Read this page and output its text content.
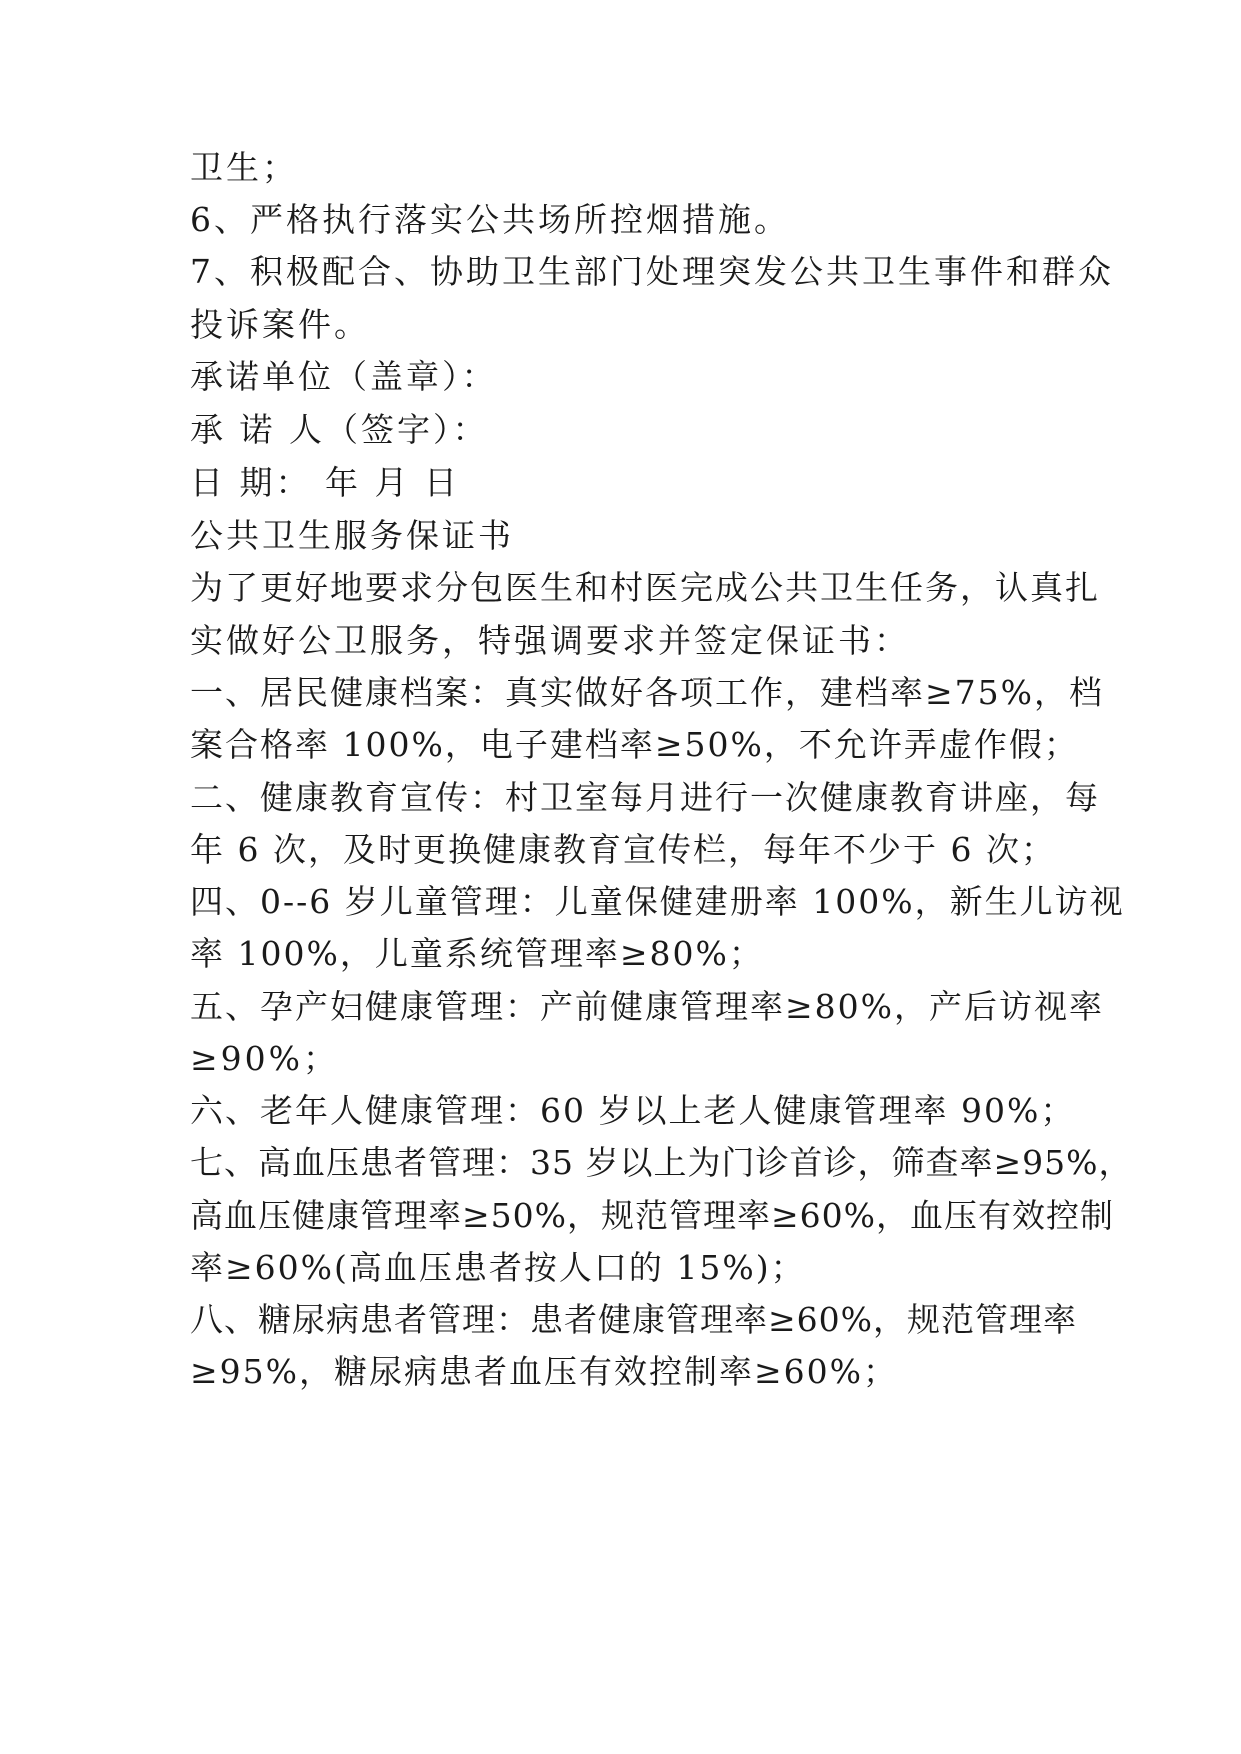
卫生；

6、严格执行落实公共场所控烟措施。

7、积极配合、协助卫生部门处理突发公共卫生事件和群众

投诉案件。

承诺单位（盖章）：

承 诺 人（签字）：

日 期： 年 月 日

公共卫生服务保证书

为了更好地要求分包医生和村医完成公共卫生任务，认真扎

实做好公卫服务，特强调要求并签定保证书：

一、居民健康档案：真实做好各项工作，建档率≥75%，档

案合格率 100%，电子建档率≥50%，不允许弄虚作假；

二、健康教育宣传：村卫室每月进行一次健康教育讲座，每

年 6 次，及时更换健康教育宣传栏，每年不少于 6 次；

四、0--6 岁儿童管理：儿童保健建册率 100%，新生儿访视

率 100%，儿童系统管理率≥80%；

五、孕产妇健康管理：产前健康管理率≥80%，产后访视率

≥90%；

六、老年人健康管理：60 岁以上老人健康管理率 90%；

七、高血压患者管理：35 岁以上为门诊首诊，筛查率≥95%，

高血压健康管理率≥50%，规范管理率≥60%，血压有效控制

率≥60%(高血压患者按人口的 15%)；

八、糖尿病患者管理：患者健康管理率≥60%，规范管理率

≥95%，糖尿病患者血压有效控制率≥60%；
